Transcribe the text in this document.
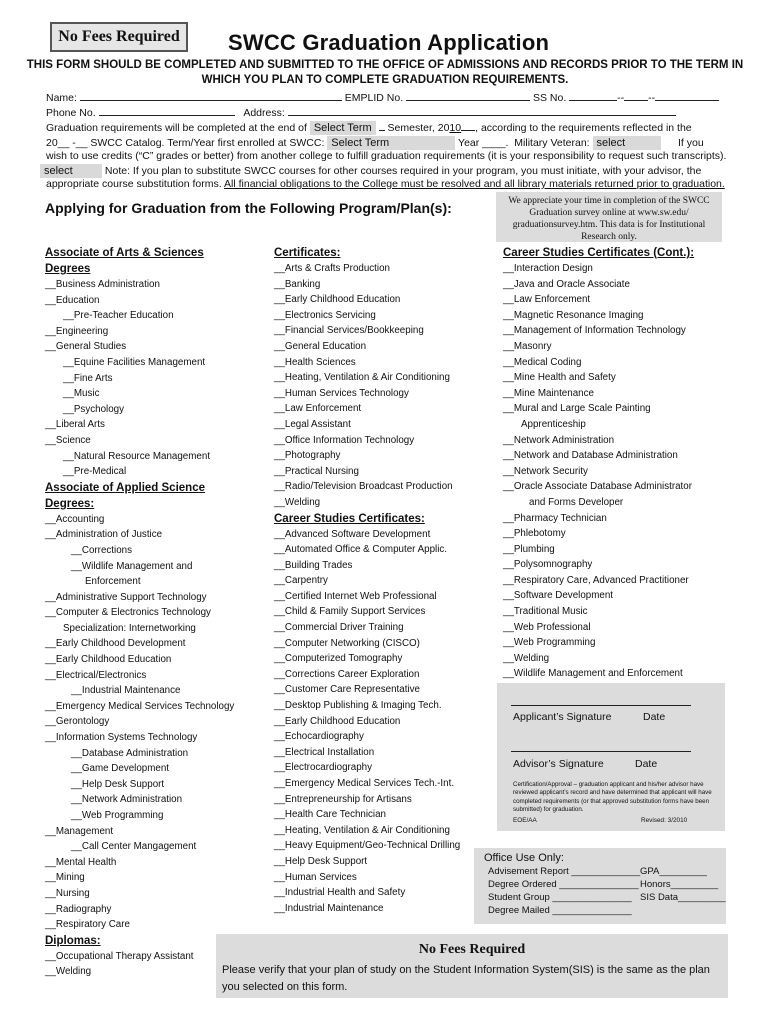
No Fees Required	SWCC Graduation Application
THIS FORM SHOULD BE COMPLETED AND SUBMITTED TO THE OFFICE OF ADMISSIONS AND RECORDS PRIOR TO THE TERM IN
WHICH YOU PLAN TO COMPLETE GRADUATION REQUIREMENTS.
Name:	EMPLID No.	SS No.	-- --
Phone No.	Address:
Graduation requirements will be completed at the end of Select Term Semester, 2010 , according to the requirements reflected in the
20__ -__ SWCC Catalog. Term/Year first enrolled at SWCC: Select Term	Year ____. Military Veteran: select	If you
wish to use credits (“C” grades or better) from another college to fulfill graduation requirements (it is your responsibility to request such transcripts).
select	Note: If you plan to substitute SWCC courses for other courses required in your program, you must initiate, with your advisor, the
appropriate course substitution forms. All financial obligations to the College must be resolved and all library materials returned prior to graduation.
Applying for Graduation from the Following Program/Plan(s):	We appreciate your time in completion of the SWCC Graduation survey online at www.sw.edu/ graduationsurvey.htm. This data is for Institutional Research only.
Associate of Arts & Sciences
Degrees
__Business Administration
__Education
__Pre-Teacher Education
__Engineering
__General Studies
__Equine Facilities Management
__Fine Arts
__Music
__Psychology
__Liberal Arts
__Science
__Natural Resource Management
__Pre-Medical
Associate of Applied Science
Degrees:
__Accounting
__Administration of Justice
__Corrections
__Wildlife Management and
Enforcement
__Administrative Support Technology
__Computer & Electronics Technology
Specialization: Internetworking
__Early Childhood Development
__Early Childhood Education
__Electrical/Electronics
__Industrial Maintenance
__Emergency Medical Services Technology
__Gerontology
__Information Systems Technology
__Database Administration
__Game Development
__Help Desk Support
__Network Administration
__Web Programming
__Management
__Call Center Mangagement
__Mental Health
__Mining
__Nursing
__Radiography
__Respiratory Care
Diplomas:
__Occupational Therapy Assistant
__Welding
Certificates:
__Arts & Crafts Production
__Banking
__Early Childhood Education
__Electronics Servicing
__Financial Services/Bookkeeping
__General Education
__Health Sciences
__Heating, Ventilation & Air Conditioning
__Human Services Technology
__Law Enforcement
__Legal Assistant
__Office Information Technology
__Photography
__Practical Nursing
__Radio/Television Broadcast Production
__Welding
Career Studies Certificates:
__Advanced Software Development
__Automated Office & Computer Applic.
__Building Trades
__Carpentry
__Certified Internet Web Professional
__Child & Family Support Services
__Commercial Driver Training
__Computer Networking (CISCO)
__Computerized Tomography
__Corrections Career Exploration
__Customer Care Representative
__Desktop Publishing & Imaging Tech.
__Early Childhood Education
__Echocardiography
__Electrical Installation
__Electrocardiography
__Emergency Medical Services Tech.-Int.
__Entrepreneurship for Artisans
__Health Care Technician
__Heating, Ventilation & Air Conditioning
__Heavy Equipment/Geo-Technical Drilling
__Help Desk Support
__Human Services
__Industrial Health and Safety
__Industrial Maintenance
Career Studies Certificates (Cont.):
__Interaction Design
__Java and Oracle Associate
__Law Enforcement
__Magnetic Resonance Imaging
__Management of Information Technology
__Masonry
__Medical Coding
__Mine Health and Safety
__Mine Maintenance
__Mural and Large Scale Painting
Apprenticeship
__Network Administration
__Network and Database Administration
__Network Security
__Oracle Associate Database Administrator
and Forms Developer
__Pharmacy Technician
__Phlebotomy
__Plumbing
__Polysomnography
__Respiratory Care, Advanced Practitioner
__Software Development
__Traditional Music
__Web Professional
__Web Programming
__Welding
__Wildlife Management and Enforcement
Applicant’s Signature	Date
Advisor’s Signature	Date
Certification/Approval – graduation applicant and his/her advisor have reviewed applicant’s record and have determined that applicant will have completed requirements (or that approved substitution forms have been submitted) for graduation.
EOE/AA	Revised: 3/2010
Office Use Only:
Advisement Report _____________ GPA_________
Degree Ordered _______________ Honors_________
Student Group _______________ SIS Data_________
Degree Mailed _______________
No Fees Required
Please verify that your plan of study on the Student Information System(SIS) is the same as the plan you selected on this form.
